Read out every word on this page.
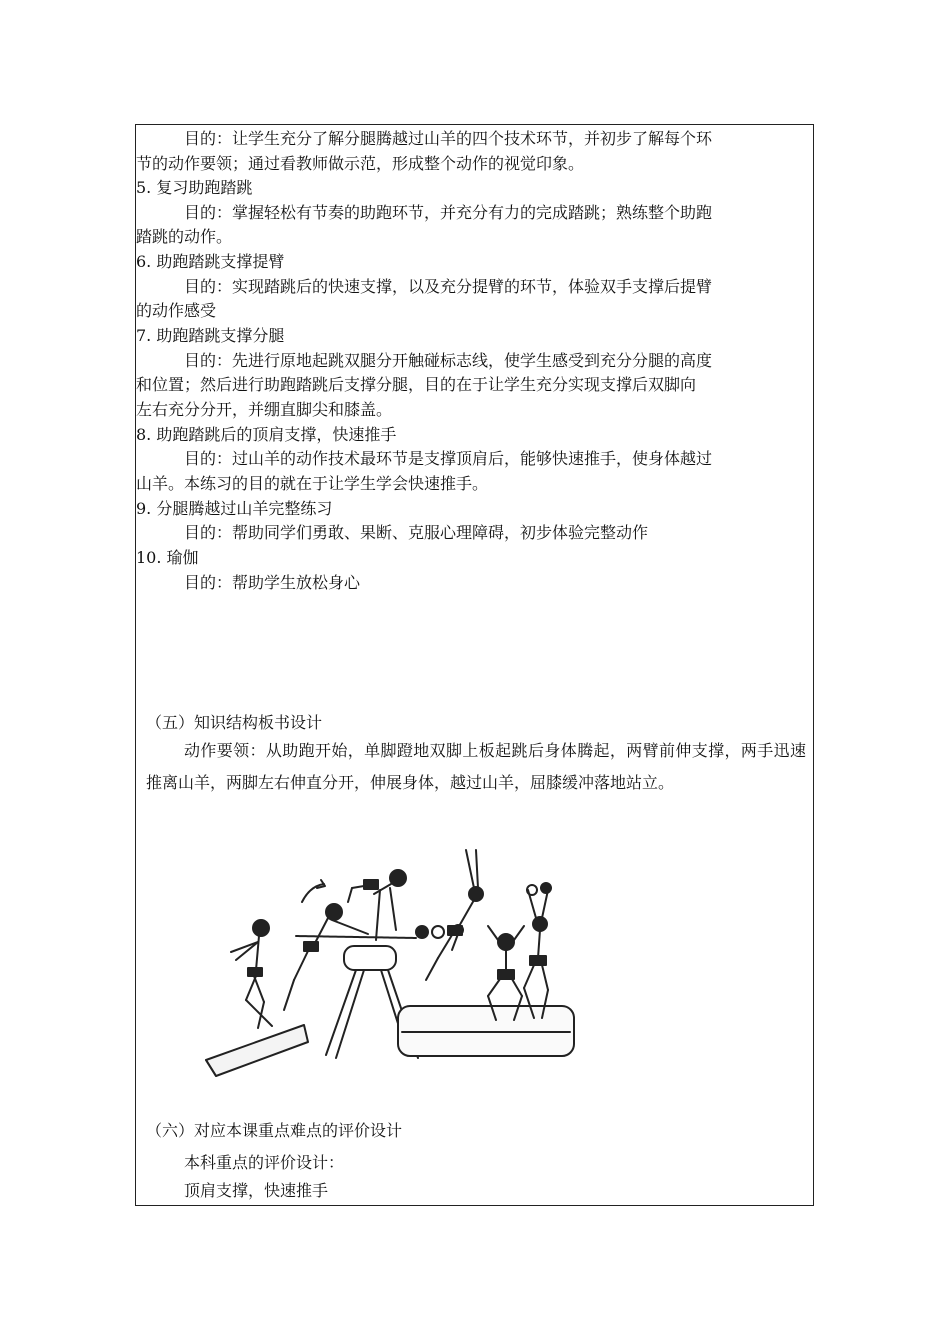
目的：让学生充分了解分腿腾越过山羊的四个技术环节，并初步了解每个环
节的动作要领；通过看教师做示范，形成整个动作的视觉印象。
5. 复习助跑踏跳
目的：掌握轻松有节奏的助跑环节，并充分有力的完成踏跳；熟练整个助跑
踏跳的动作。
6. 助跑踏跳支撑提臂
目的：实现踏跳后的快速支撑，以及充分提臂的环节，体验双手支撑后提臂
的动作感受
7. 助跑踏跳支撑分腿
目的：先进行原地起跳双腿分开触碰标志线，使学生感受到充分分腿的高度
和位置；然后进行助跑踏跳后支撑分腿，目的在于让学生充分实现支撑后双脚向
左右充分分开，并绷直脚尖和膝盖。
8. 助跑踏跳后的顶肩支撑，快速推手
目的：过山羊的动作技术最环节是支撑顶肩后，能够快速推手，使身体越过
山羊。本练习的目的就在于让学生学会快速推手。
9. 分腿腾越过山羊完整练习
目的：帮助同学们勇敢、果断、克服心理障碍，初步体验完整动作
10. 瑜伽
目的：帮助学生放松身心
（五）知识结构板书设计
动作要领：从助跑开始，单脚蹬地双脚上板起跳后身体腾起，两臂前伸支撑，两手迅速推离山羊，两脚左右伸直分开，伸展身体，越过山羊，屈膝缓冲落地站立。
（六）对应本课重点难点的评价设计
本科重点的评价设计：
顶肩支撑，快速推手
